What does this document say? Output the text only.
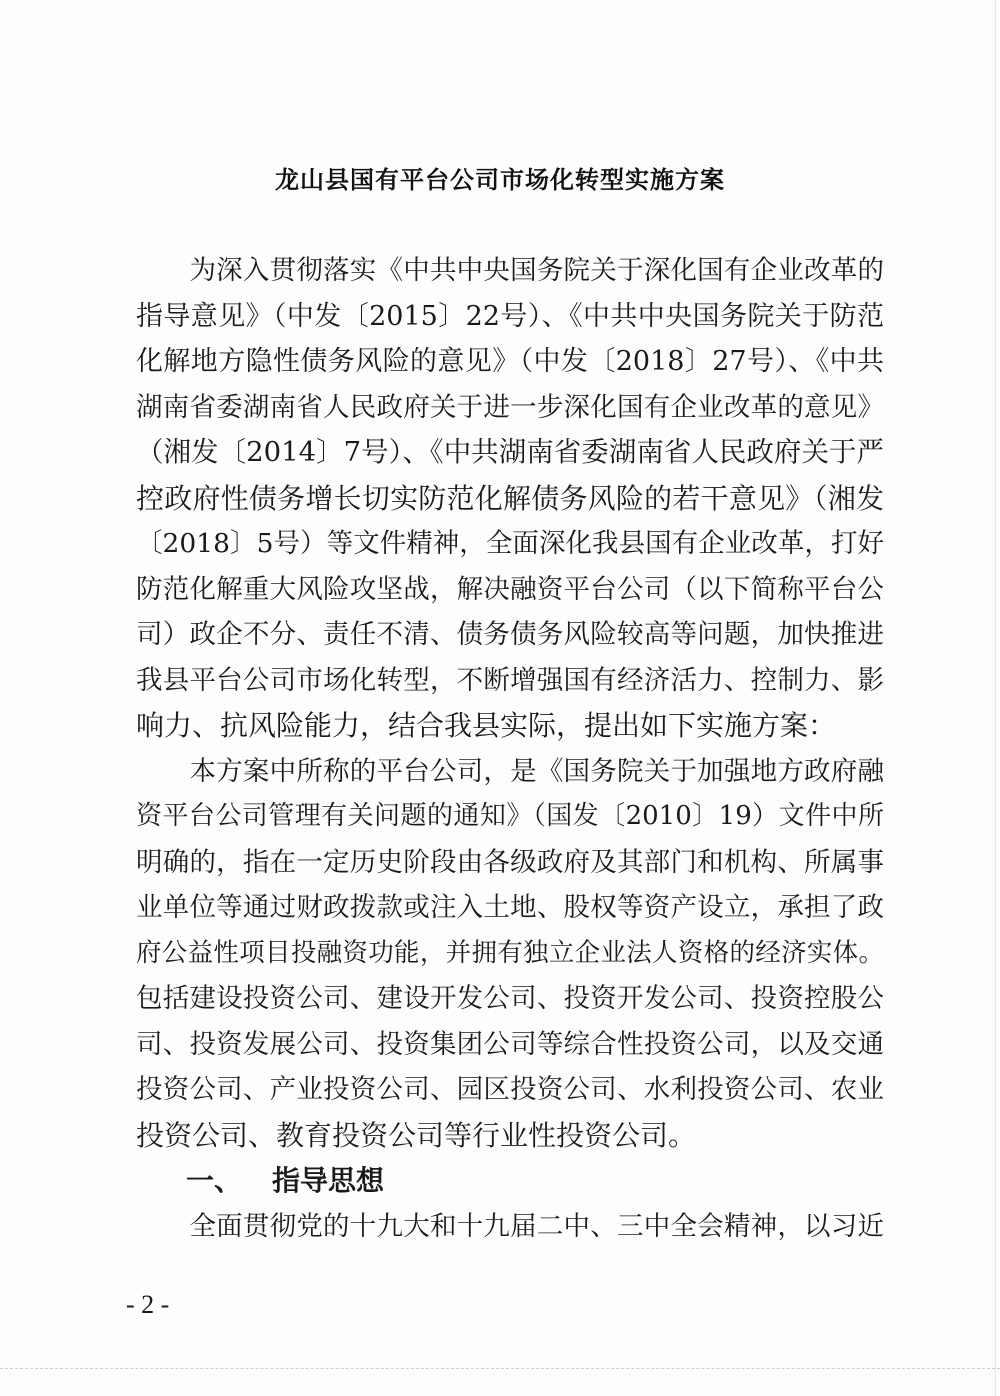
龙山县国有平台公司市场化转型实施方案
　　为深入贯彻落实《中共中央国务院关于深化国有企业改革的
指导意见》（中发〔2015〕22号）、《中共中央国务院关于防范
化解地方隐性债务风险的意见》（中发〔2018〕27号）、《中共
湖南省委湖南省人民政府关于进一步深化国有企业改革的意见》
（湘发〔2014〕7号）、《中共湖南省委湖南省人民政府关于严
控政府性债务增长切实防范化解债务风险的若干意见》（湘发
〔2018〕5号）等文件精神，全面深化我县国有企业改革，打好
防范化解重大风险攻坚战，解决融资平台公司（以下简称平台公
司）政企不分、责任不清、债务债务风险较高等问题，加快推进
我县平台公司市场化转型，不断增强国有经济活力、控制力、影
响力、抗风险能力，结合我县实际，提出如下实施方案：
　　本方案中所称的平台公司，是《国务院关于加强地方政府融
资平台公司管理有关问题的通知》（国发〔2010〕19）文件中所
明确的，指在一定历史阶段由各级政府及其部门和机构、所属事
业单位等通过财政拨款或注入土地、股权等资产设立，承担了政
府公益性项目投融资功能，并拥有独立企业法人资格的经济实体。
包括建设投资公司、建设开发公司、投资开发公司、投资控股公
司、投资发展公司、投资集团公司等综合性投资公司，以及交通
投资公司、产业投资公司、园区投资公司、水利投资公司、农业
投资公司、教育投资公司等行业性投资公司。
一、 指导思想
　　全面贯彻党的十九大和十九届二中、三中全会精神，以习近
- 2 -
